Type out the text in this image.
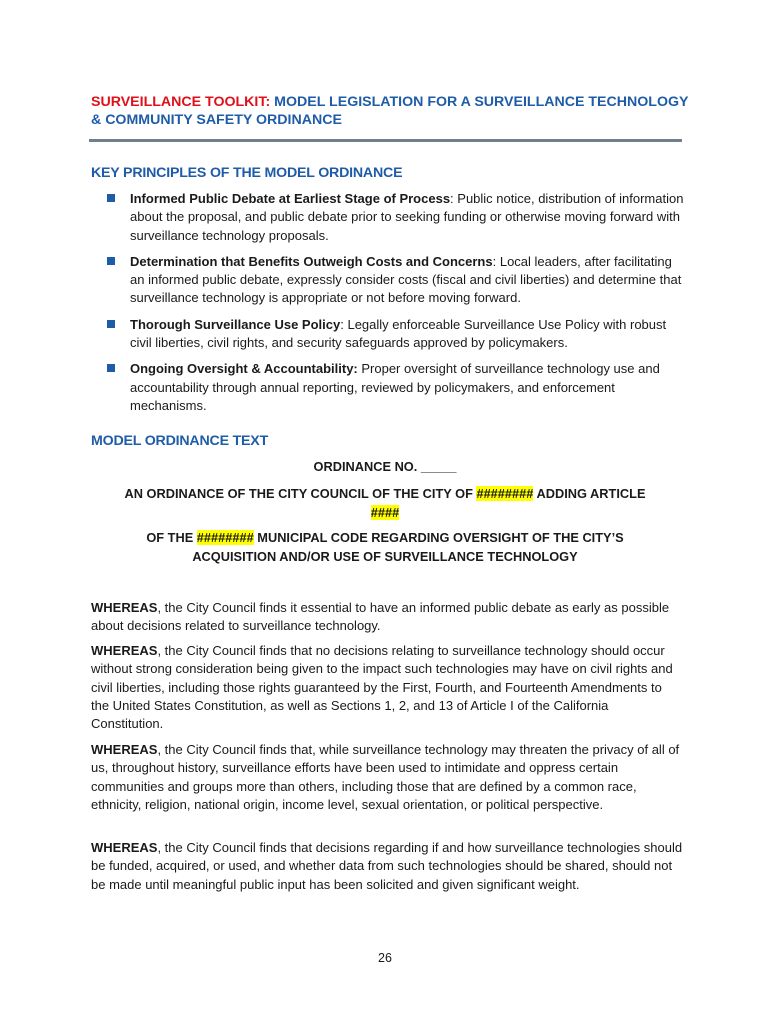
SURVEILLANCE TOOLKIT: MODEL LEGISLATION FOR A SURVEILLANCE TECHNOLOGY & COMMUNITY SAFETY ORDINANCE
KEY PRINCIPLES OF THE MODEL ORDINANCE
Informed Public Debate at Earliest Stage of Process: Public notice, distribution of information about the proposal, and public debate prior to seeking funding or otherwise moving forward with surveillance technology proposals.
Determination that Benefits Outweigh Costs and Concerns: Local leaders, after facilitating an informed public debate, expressly consider costs (fiscal and civil liberties) and determine that surveillance technology is appropriate or not before moving forward.
Thorough Surveillance Use Policy: Legally enforceable Surveillance Use Policy with robust civil liberties, civil rights, and security safeguards approved by policymakers.
Ongoing Oversight & Accountability: Proper oversight of surveillance technology use and accountability through annual reporting, reviewed by policymakers, and enforcement mechanisms.
MODEL ORDINANCE TEXT
ORDINANCE NO. _____
AN ORDINANCE OF THE CITY COUNCIL OF THE CITY OF ######## ADDING ARTICLE
####
OF THE ######## MUNICIPAL CODE REGARDING OVERSIGHT OF THE CITY’S
ACQUISITION AND/OR USE OF SURVEILLANCE TECHNOLOGY
WHEREAS, the City Council finds it essential to have an informed public debate as early as possible about decisions related to surveillance technology.
WHEREAS, the City Council finds that no decisions relating to surveillance technology should occur without strong consideration being given to the impact such technologies may have on civil rights and civil liberties, including those rights guaranteed by the First, Fourth, and Fourteenth Amendments to the United States Constitution, as well as Sections 1, 2, and 13 of Article I of the California Constitution.
WHEREAS, the City Council finds that, while surveillance technology may threaten the privacy of all of us, throughout history, surveillance efforts have been used to intimidate and oppress certain communities and groups more than others, including those that are defined by a common race, ethnicity, religion, national origin, income level, sexual orientation, or political perspective.
WHEREAS, the City Council finds that decisions regarding if and how surveillance technologies should be funded, acquired, or used, and whether data from such technologies should be shared, should not be made until meaningful public input has been solicited and given significant weight.
26
